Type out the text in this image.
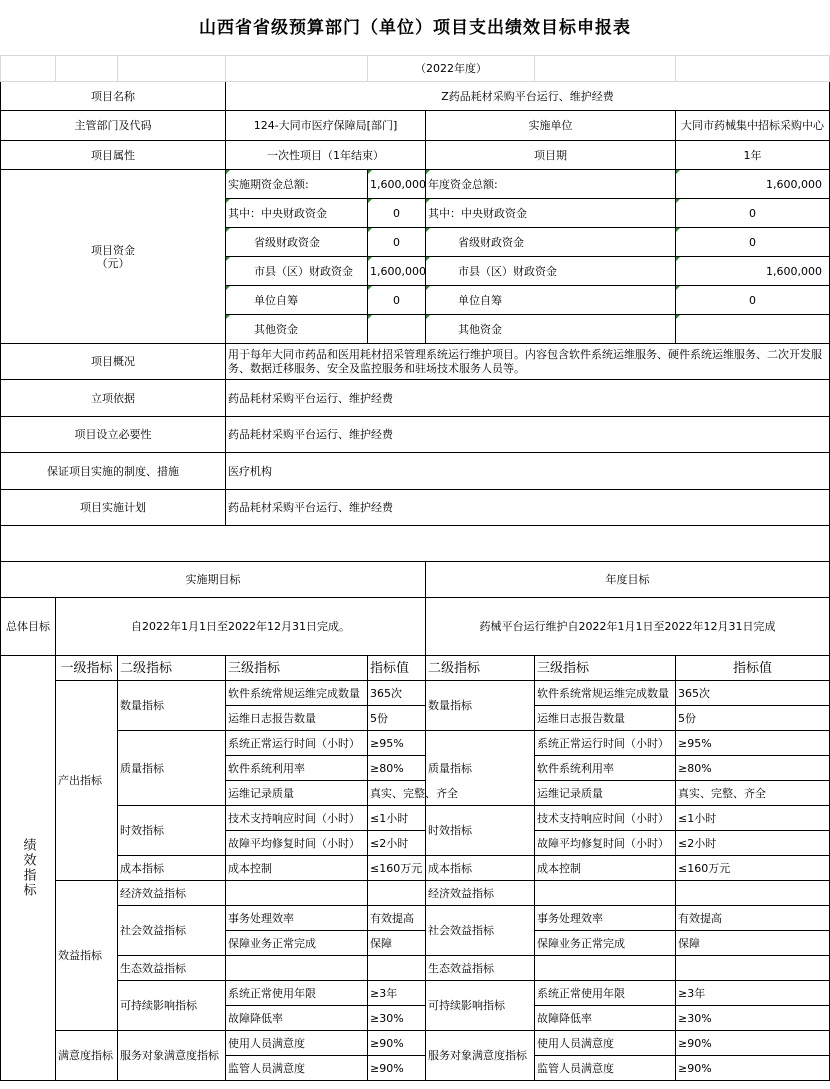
山西省省级预算部门（单位）项目支出绩效目标申报表
				（2022年度）			
项目名称			Z药品耗材采购平台运行、维护经费				
主管部门及代码			124-大同市医疗保障局[部门]		实施单位		大同市药械集中招标采购中心
项目属性			一次性项目（1年结束）		项目期		1年

项目资金
（元）			实施期资金总额:	1,600,000	年度资金总额:		1,600,000
			其中：中央财政资金	0	其中：中央财政资金		0
			省级财政资金	0	省级财政资金		0
			市县（区）财政资金	1,600,000	市县（区）财政资金		1,600,000
			单位自筹	0	单位自筹		0
			其他资金		其他资金		
项目概况			用于每年大同市药品和医用耗材招采管理系统运行维护项目。内容包含软件系统运维服务、硬件系统运维服务、二次开发服务、数据迁移服务、安全及监控服务和驻场技术服务人员等。				
立项依据			药品耗材采购平台运行、维护经费				
项目设立必要性			药品耗材采购平台运行、维护经费				
保证项目实施的制度、措施			医疗机构				
项目实施计划			药品耗材采购平台运行、维护经费				

实施期目标					年度目标		
总体目标	自2022年1月1日至2022年12月31日完成。				药械平台运行维护自2022年1月1日至2022年12月31日完成		

绩效指标	一级指标	二级指标	三级指标	指标值	二级指标	三级指标	指标值
	产出指标	数量指标	软件系统常规运维完成数量	365次	数量指标	软件系统常规运维完成数量	365次
			运维日志报告数量	5份		运维日志报告数量	5份
		质量指标	系统正常运行时间（小时）	≥95%	质量指标	系统正常运行时间（小时）	≥95%
			软件系统利用率	≥80%		软件系统利用率	≥80%
			运维记录质量	真实、完整、齐全		运维记录质量	真实、完整、齐全
		时效指标	技术支持响应时间（小时）	≤1小时	时效指标	技术支持响应时间（小时）	≤1小时
			故障平均修复时间（小时）	≤2小时		故障平均修复时间（小时）	≤2小时
		成本指标	成本控制	≤160万元	成本指标	成本控制	≤160万元
	效益指标	经济效益指标			经济效益指标		
		社会效益指标	事务处理效率	有效提高	社会效益指标	事务处理效率	有效提高
			保障业务正常完成	保障		保障业务正常完成	保障
		生态效益指标			生态效益指标		
		可持续影响指标	系统正常使用年限	≥3年	可持续影响指标	系统正常使用年限	≥3年
			故障降低率	≥30%		故障降低率	≥30%
	满意度指标	服务对象满意度指标	使用人员满意度	≥90%	服务对象满意度指标	使用人员满意度	≥90%
			监管人员满意度	≥90%		监管人员满意度	≥90%
